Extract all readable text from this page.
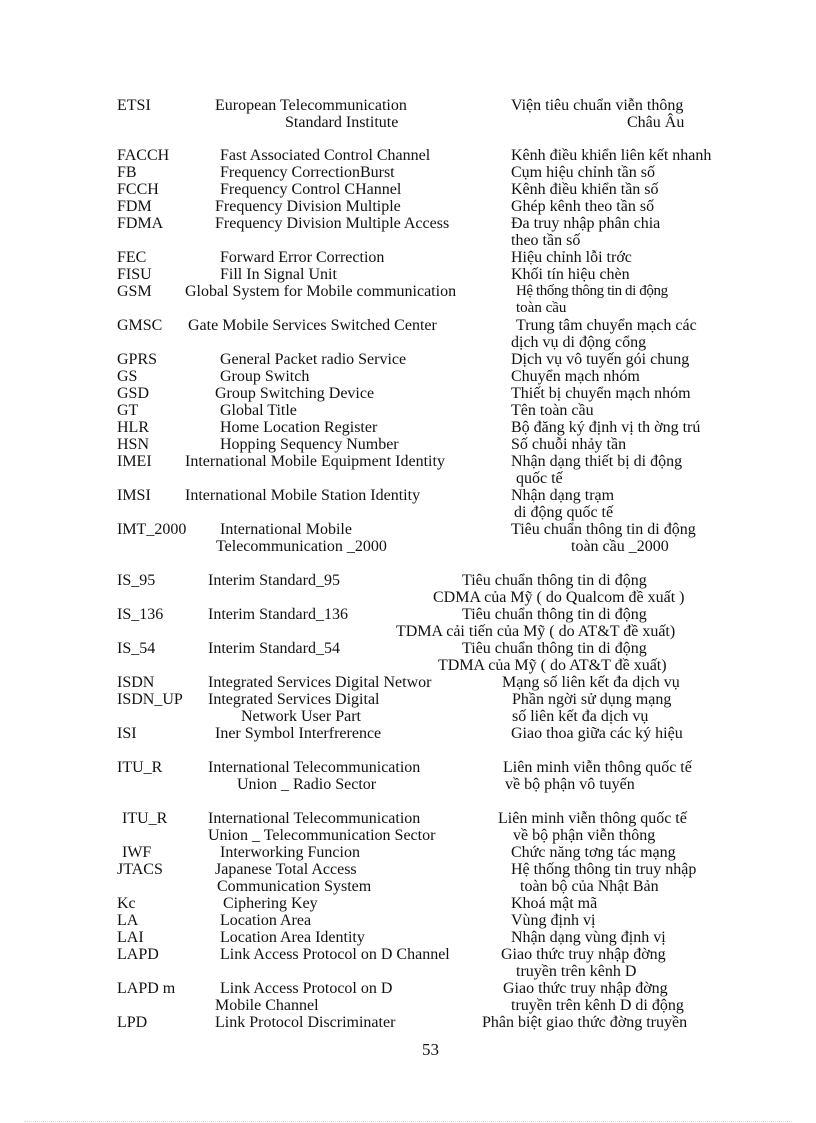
ETSI	European Telecommunication	Viện tiêu chuẩn viễn thông
Standard Institute	Châu Âu
FACCH	Fast Associated Control Channel	Kênh điều khiển liên kết nhanh
FB	Frequency CorrectionBurst	Cụm hiệu chỉnh tần số
FCCH	Frequency Control CHannel	Kênh điều khiển tần số
FDM	Frequency Division Multiple	Ghép kênh theo tần số
FDMA	Frequency Division Multiple Access	Đa truy nhập phân chia
theo tần số
FEC	Forward Error Correction	Hiệu chỉnh lỗi trớc
FISU	Fill In Signal Unit	Khối tín hiệu chèn
GSM Global System for Mobile communication	Hệ thống thông tin di động
toàn cầu
GMSC Gate Mobile Services Switched Center	Trung tâm chuyển mạch các
dịch vụ di động cổng
GPRS	General Packet radio Service	Dịch vụ vô tuyến gói chung
GS	Group Switch	Chuyển mạch nhóm
GSD	Group Switching Device	Thiết bị chuyển mạch nhóm
GT	Global Title	Tên toàn cầu
HLR	Home Location Register	Bộ đăng ký định vị th ờng trú
HSN	Hopping Sequency Number	Số chuỗi nhảy tần
IMEI International Mobile Equipment Identity	Nhận dạng thiết bị di động
quốc tế
IMSI International Mobile Station Identity	Nhận dạng trạm
di động quốc tế
IMT_2000 International Mobile	Tiêu chuẩn thông tin di động
Telecommunication _2000	toàn cầu _2000
IS_95	Interim Standard_95	Tiêu chuẩn thông tin di động
CDMA của Mỹ ( do Qualcom đề xuất )
IS_136	Interim Standard_136	Tiêu chuẩn thông tin di động
TDMA cải tiến của Mỹ ( do AT&T đề xuất)
IS_54	Interim Standard_54	Tiêu chuẩn thông tin di động
TDMA của Mỹ ( do AT&T đề xuất)
ISDN	Integrated Services Digital Networ	Mạng số liên kết đa dịch vụ
ISDN_UP Integrated Services Digital	Phần ngời sử dụng mạng
Network User Part	số liên kết đa dịch vụ
ISI	Iner Symbol Interfrerence	Giao thoa giữa các ký hiệu
ITU_R	International Telecommunication	Liên minh viễn thông quốc tế
Union _ Radio Sector	về bộ phận vô tuyến
ITU_R	International Telecommunication	Liên minh viễn thông quốc tế
Union _ Telecommunication Sector	về bộ phận viễn thông
IWF	Interworking Funcion	Chức năng tơng tác mạng
JTACS	Japanese Total Access	Hệ thống thông tin truy nhập
Communication System	toàn bộ của Nhật Bản
Kc	Ciphering Key	Khoá mật mã
LA	Location Area	Vùng định vị
LAI	Location Area Identity	Nhận dạng vùng định vị
LAPD	Link Access Protocol on D Channel	Giao thức truy nhập đờng
truyền trên kênh D
LAPD m	Link Access Protocol on D	Giao thức truy nhập đờng
Mobile Channel	truyền trên kênh D di động
LPD	Link Protocol Discriminater	Phân biệt giao thức đờng truyền
53
